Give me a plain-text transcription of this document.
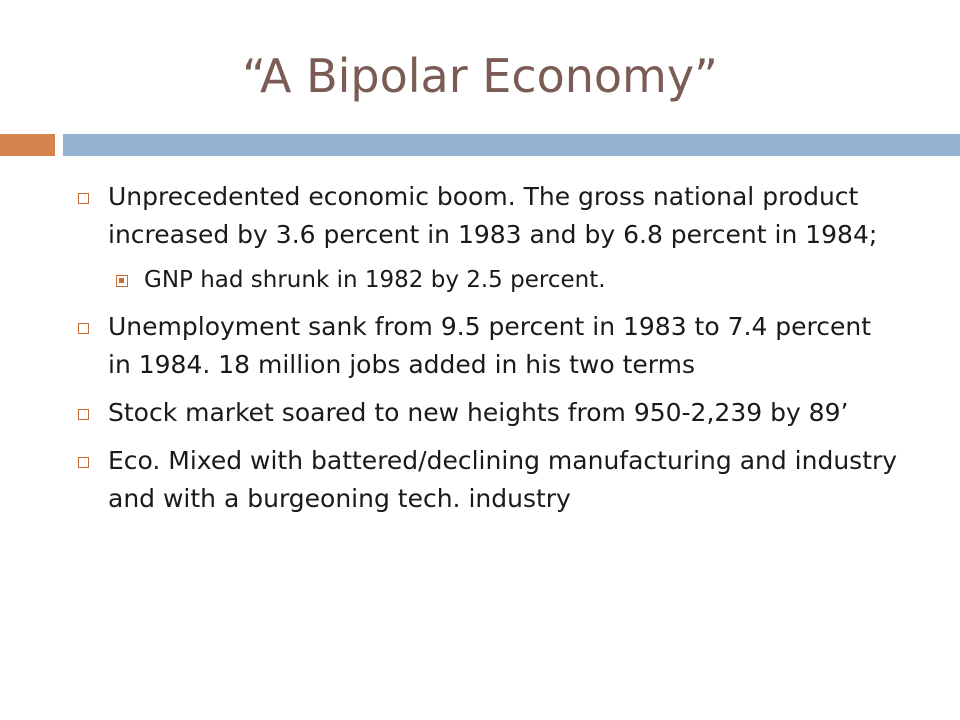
“A Bipolar Economy”
Unprecedented economic boom. The gross national product increased by 3.6 percent in 1983 and by 6.8 percent in 1984;
GNP had shrunk in 1982 by 2.5 percent.
Unemployment sank from 9.5 percent in 1983 to 7.4 percent in 1984. 18 million jobs added in his two terms
Stock market soared to new heights from 950-2,239 by 89’
Eco. Mixed with battered/declining manufacturing and industry and with a burgeoning tech. industry
